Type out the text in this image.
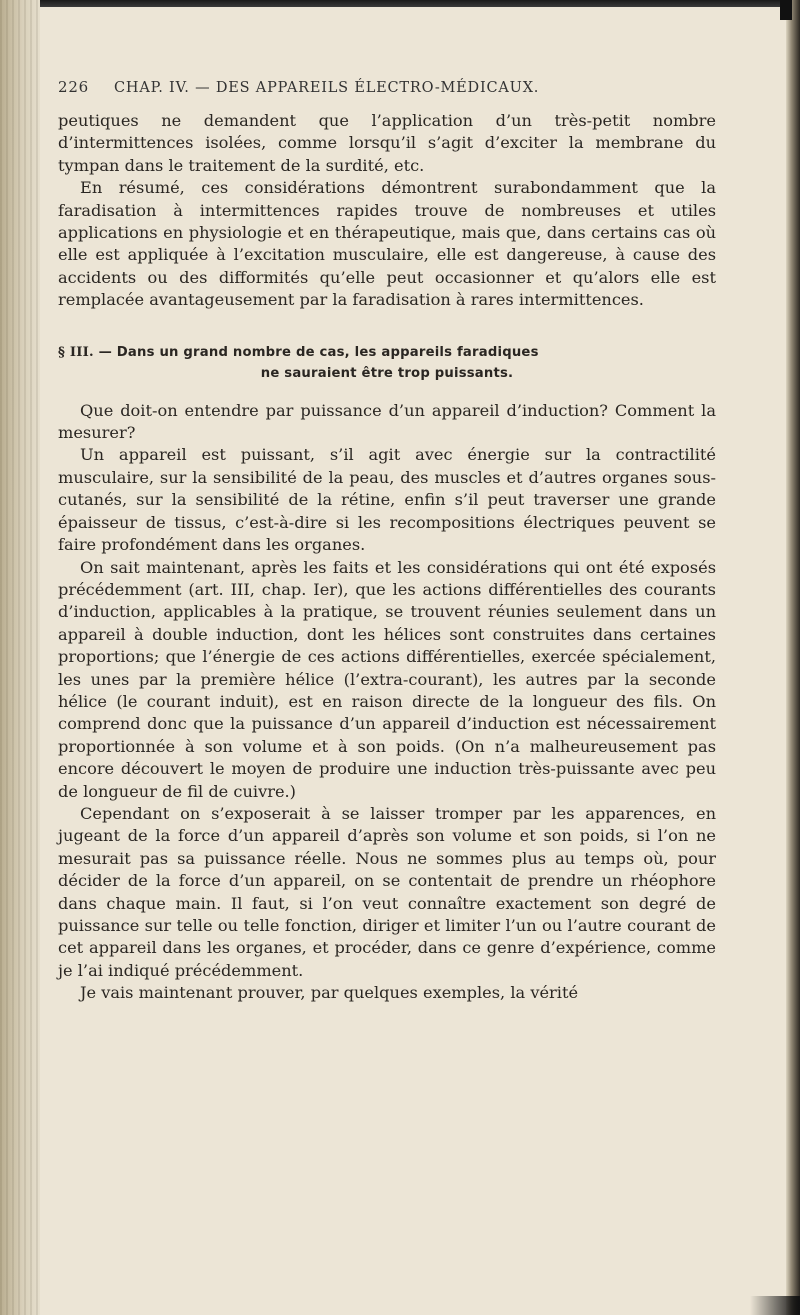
226	CHAP. IV. — DES APPAREILS ÉLECTRO-MÉDICAUX.

peutiques ne demandent que l’application d’un très-petit nombre d’intermittences isolées, comme lorsqu’il s’agit d’exciter la membrane du tympan dans le traitement de la surdité, etc.

En résumé, ces considérations démontrent surabondamment que la faradisation à intermittences rapides trouve de nombreuses et utiles applications en physiologie et en thérapeutique, mais que, dans certains cas où elle est appliquée à l’excitation musculaire, elle est dangereuse, à cause des accidents ou des difformités qu’elle peut occasionner et qu’alors elle est remplacée avantageusement par la faradisation à rares intermittences.

§ III. — Dans un grand nombre de cas, les appareils faradiques
ne sauraient être trop puissants.

Que doit-on entendre par puissance d’un appareil d’induction? Comment la mesurer?

Un appareil est puissant, s’il agit avec énergie sur la contractilité musculaire, sur la sensibilité de la peau, des muscles et d’autres organes sous-cutanés, sur la sensibilité de la rétine, enfin s’il peut traverser une grande épaisseur de tissus, c’est-à-dire si les recompositions électriques peuvent se faire profondément dans les organes.

On sait maintenant, après les faits et les considérations qui ont été exposés précédemment (art. III, chap. Ier), que les actions différentielles des courants d’induction, applicables à la pratique, se trouvent réunies seulement dans un appareil à double induction, dont les hélices sont construites dans certaines proportions; que l’énergie de ces actions différentielles, exercée spécialement, les unes par la première hélice (l’extra-courant), les autres par la seconde hélice (le courant induit), est en raison directe de la longueur des fils. On comprend donc que la puissance d’un appareil d’induction est nécessairement proportionnée à son volume et à son poids. (On n’a malheureusement pas encore découvert le moyen de produire une induction très-puissante avec peu de longueur de fil de cuivre.)

Cependant on s’exposerait à se laisser tromper par les apparences, en jugeant de la force d’un appareil d’après son volume et son poids, si l’on ne mesurait pas sa puissance réelle. Nous ne sommes plus au temps où, pour décider de la force d’un appareil, on se contentait de prendre un rhéophore dans chaque main. Il faut, si l’on veut connaître exactement son degré de puissance sur telle ou telle fonction, diriger et limiter l’un ou l’autre courant de cet appareil dans les organes, et procéder, dans ce genre d’expérience, comme je l’ai indiqué précédemment.

Je vais maintenant prouver, par quelques exemples, la vérité
